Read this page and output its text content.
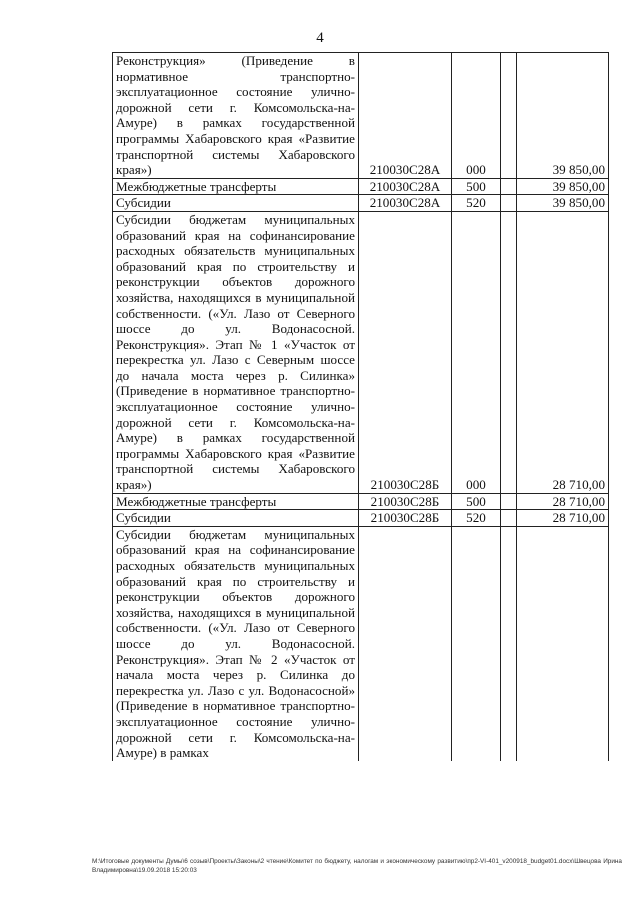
4
Реконструкция» (Приведение в нормативное транспортно-эксплуатационное состояние улично-дорожной сети г. Комсомольска-на-Амуре) в рамках государственной программы Хабаровского края «Развитие транспортной системы Хабаровского края»)	210030С28А	000		39 850,00
Межбюджетные трансферты	210030С28А	500		39 850,00
Субсидии	210030С28А	520		39 850,00
Субсидии бюджетам муниципальных образований края на софинансирование расходных обязательств муниципальных образований края по строительству и реконструкции объектов дорожного хозяйства, находящихся в муниципальной собственности. («Ул. Лазо от Северного шоссе до ул. Водонасосной. Реконструкция». Этап № 1 «Участок от перекрестка ул. Лазо с Северным шоссе до начала моста через р. Силинка» (Приведение в нормативное транспортно-эксплуатационное состояние улично-дорожной сети г. Комсомольска-на-Амуре) в рамках государственной программы Хабаровского края «Развитие транспортной системы Хабаровского края»)	210030С28Б	000		28 710,00
Межбюджетные трансферты	210030С28Б	500		28 710,00
Субсидии	210030С28Б	520		28 710,00
Субсидии бюджетам муниципальных образований края на софинансирование расходных обязательств муниципальных образований края по строительству и реконструкции объектов дорожного хозяйства, находящихся в муниципальной собственности. («Ул. Лазо от Северного шоссе до ул. Водонасосной. Реконструкция». Этап № 2 «Участок от начала моста через р. Силинка до перекрестка ул. Лазо с ул. Водонасосной» (Приведение в нормативное транспортно-эксплуатационное состояние улично-дорожной сети г. Комсомольска-на-Амуре) в рамках				
М:\Итоговые документы Думы\6 созыв\Проекты\Законы\2 чтение\Комитет по бюджету, налогам и экономическому развитию\пр2-VI-401_v200918_budget01.docx\Швецова Ирина Владимировна\19.09.2018 15:20:03
